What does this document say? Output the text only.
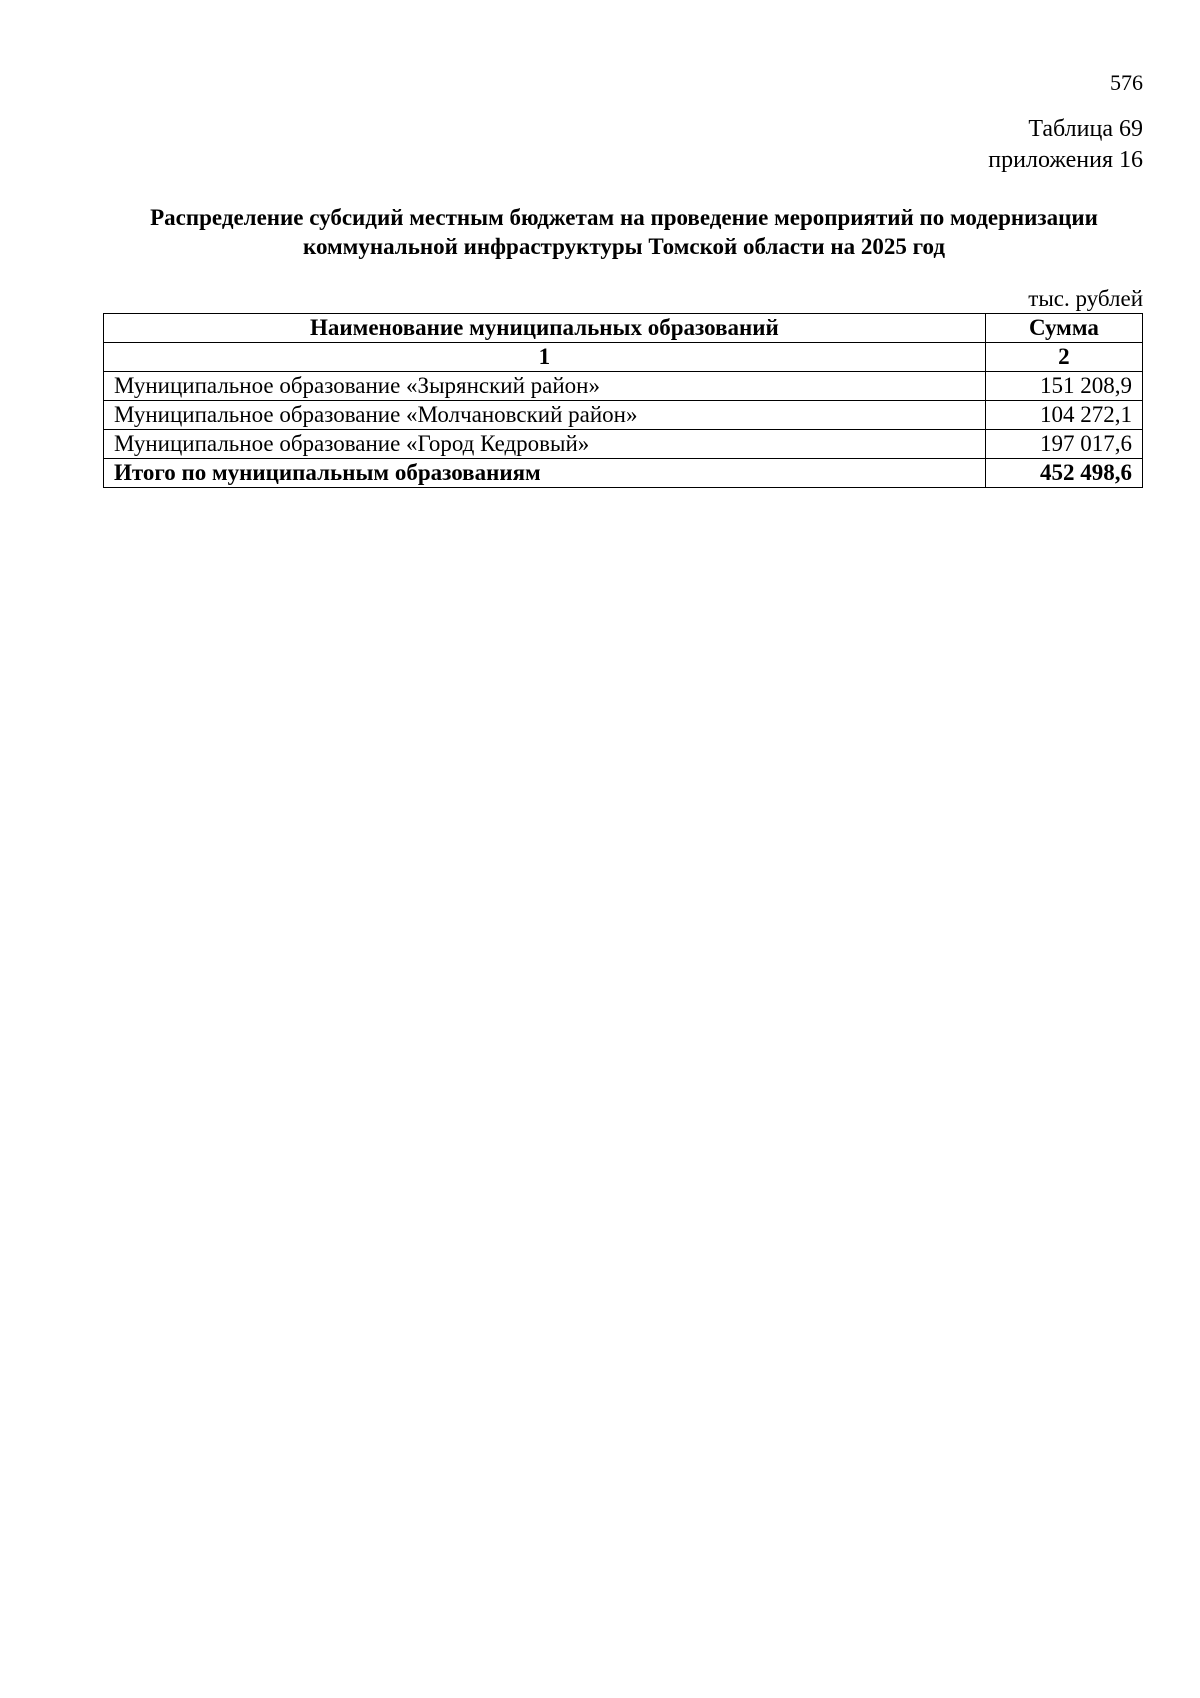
576
Таблица 69
приложения 16
Распределение субсидий местным бюджетам на проведение мероприятий по модернизации
коммунальной инфраструктуры Томской области на 2025 год
тыс. рублей
Наименование муниципальных образований	Сумма
1	2
Муниципальное образование «Зырянский район»	151 208,9
Муниципальное образование «Молчановский район»	104 272,1
Муниципальное образование «Город Кедровый»	197 017,6
Итого по муниципальным образованиям	452 498,6
